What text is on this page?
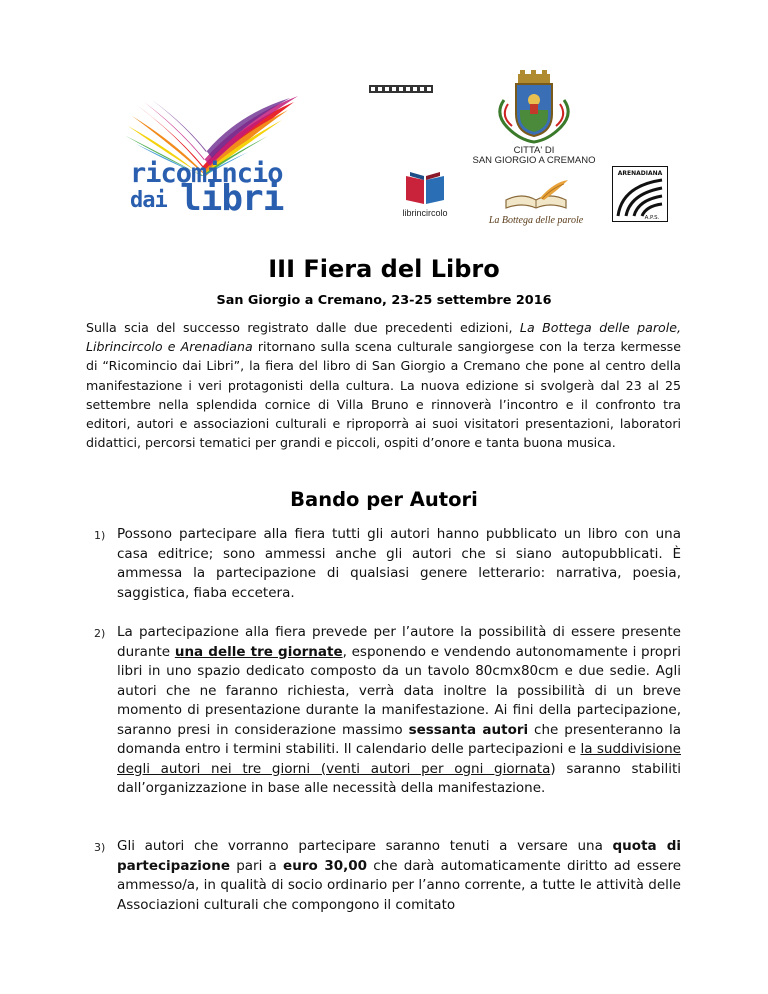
ricomincio
dai libri
CITTA' DI
SAN GIORGIO A CREMANO
librincircolo
La Bottega delle parole
ARENADIANA
A.P.S.
III Fiera del Libro
San Giorgio a Cremano, 23-25 settembre 2016
Sulla scia del successo registrato dalle due precedenti edizioni, La Bottega delle parole, Librincircolo e Arenadiana ritornano sulla scena culturale sangiorgese con la terza kermesse di “Ricomincio dai Libri”, la fiera del libro di San Giorgio a Cremano che pone al centro della manifestazione i veri protagonisti della cultura. La nuova edizione si svolgerà dal 23 al 25 settembre nella splendida cornice di Villa Bruno e rinnoverà l’incontro e il confronto tra editori, autori e associazioni culturali e riproporrà ai suoi visitatori presentazioni, laboratori didattici, percorsi tematici per grandi e piccoli, ospiti d’onore e tanta buona musica.
Bando per Autori
1) Possono partecipare alla fiera tutti gli autori hanno pubblicato un libro con una casa editrice; sono ammessi anche gli autori che si siano autopubblicati. È ammessa la partecipazione di qualsiasi genere letterario: narrativa, poesia, saggistica, fiaba eccetera.
2) La partecipazione alla fiera prevede per l’autore la possibilità di essere presente durante una delle tre giornate, esponendo e vendendo autonomamente i propri libri in uno spazio dedicato composto da un tavolo 80cmx80cm e due sedie. Agli autori che ne faranno richiesta, verrà data inoltre la possibilità di un breve momento di presentazione durante la manifestazione. Ai fini della partecipazione, saranno presi in considerazione massimo sessanta autori che presenteranno la domanda entro i termini stabiliti. Il calendario delle partecipazioni e la suddivisione degli autori nei tre giorni (venti autori per ogni giornata) saranno stabiliti dall’organizzazione in base alle necessità della manifestazione.
3) Gli autori che vorranno partecipare saranno tenuti a versare una quota di partecipazione pari a euro 30,00 che darà automaticamente diritto ad essere ammesso/a, in qualità di socio ordinario per l’anno corrente, a tutte le attività delle Associazioni culturali che compongono il comitato
